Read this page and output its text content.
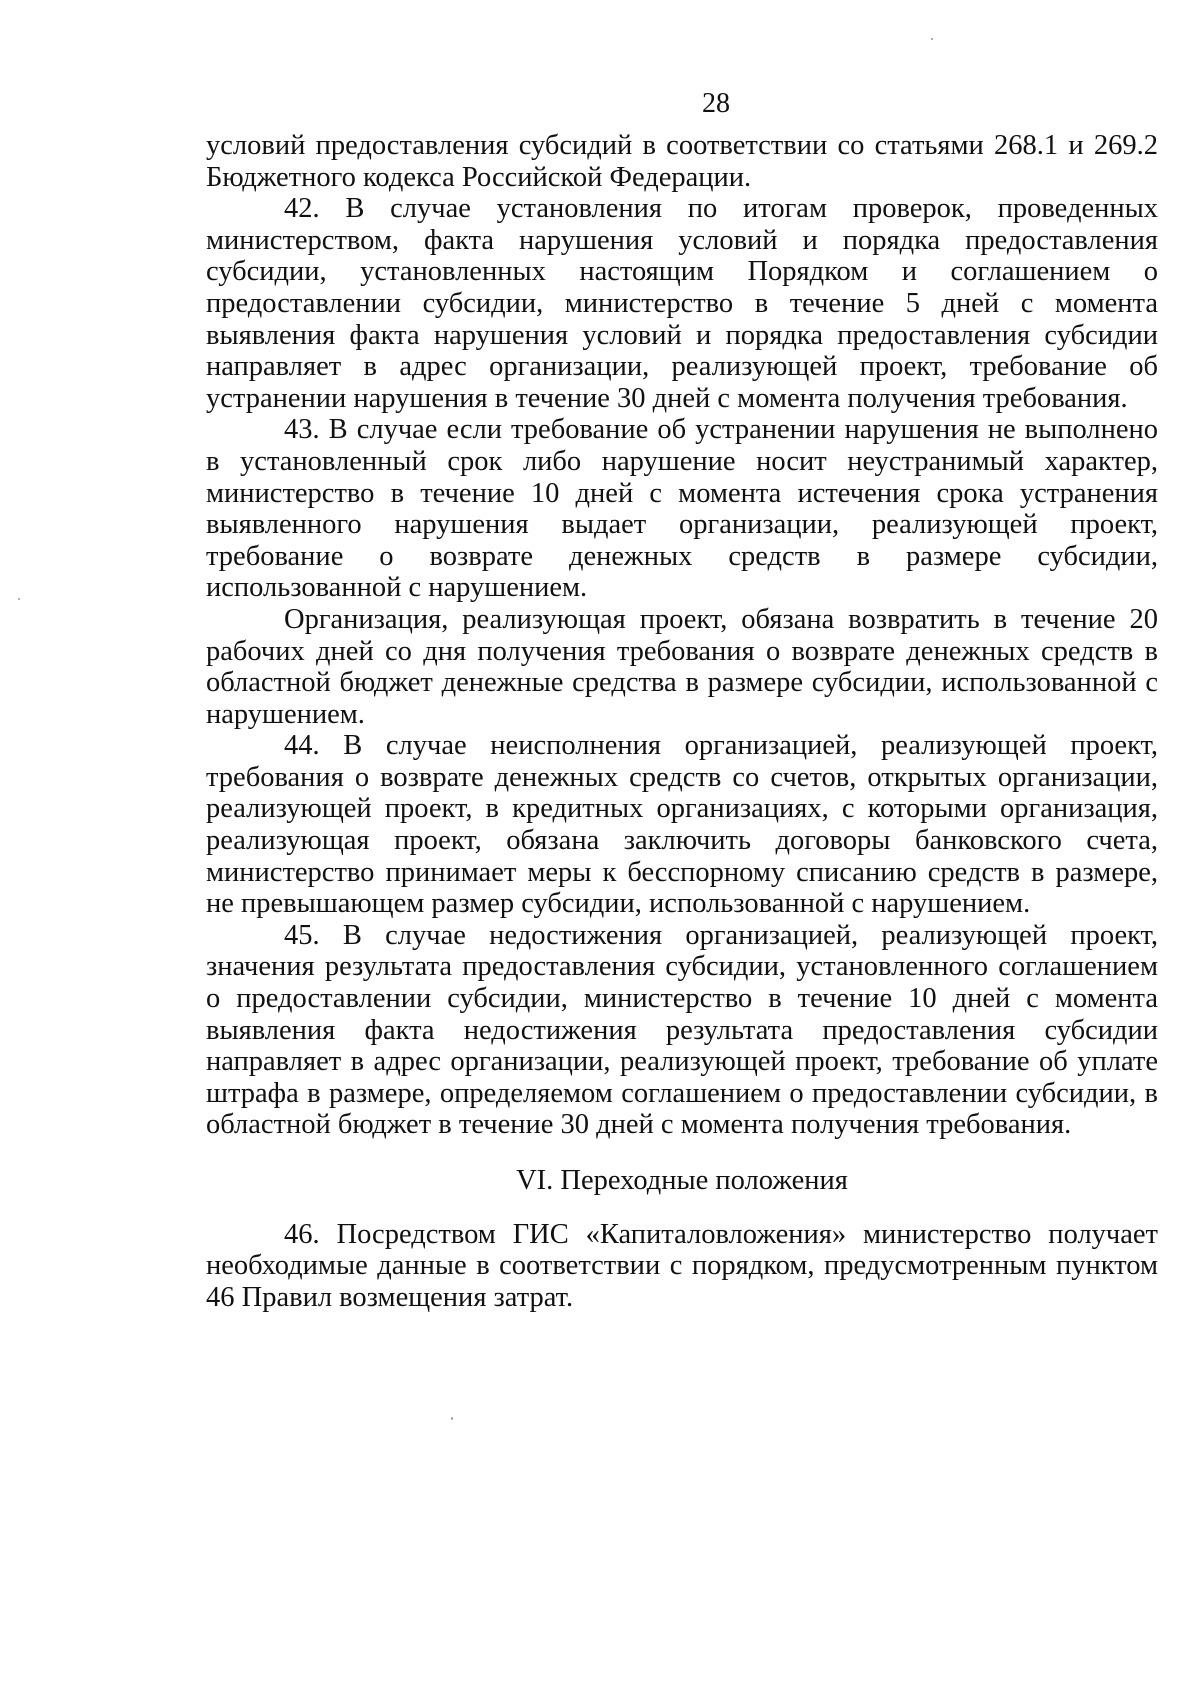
28

условий предоставления субсидий в соответствии со статьями 268.1 и 269.2 Бюджетного кодекса Российской Федерации.

42. В случае установления по итогам проверок, проведенных министерством, факта нарушения условий и порядка предоставления субсидии, установленных настоящим Порядком и соглашением о предоставлении субсидии, министерство в течение 5 дней с момента выявления факта нарушения условий и порядка предоставления субсидии направляет в адрес организации, реализующей проект, требование об устранении нарушения в течение 30 дней с момента получения требования.

43. В случае если требование об устранении нарушения не выполнено в установленный срок либо нарушение носит неустранимый характер, министерство в течение 10 дней с момента истечения срока устранения выявленного нарушения выдает организации, реализующей проект, требование о возврате денежных средств в размере субсидии, использованной с нарушением.

Организация, реализующая проект, обязана возвратить в течение 20 рабочих дней со дня получения требования о возврате денежных средств в областной бюджет денежные средства в размере субсидии, использованной с нарушением.

44. В случае неисполнения организацией, реализующей проект, требования о возврате денежных средств со счетов, открытых организации, реализующей проект, в кредитных организациях, с которыми организация, реализующая проект, обязана заключить договоры банковского счета, министерство принимает меры к бесспорному списанию средств в размере, не превышающем размер субсидии, использованной с нарушением.

45. В случае недостижения организацией, реализующей проект, значения результата предоставления субсидии, установленного соглашением о предоставлении субсидии, министерство в течение 10 дней с момента выявления факта недостижения результата предоставления субсидии направляет в адрес организации, реализующей проект, требование об уплате штрафа в размере, определяемом соглашением о предоставлении субсидии, в областной бюджет в течение 30 дней с момента получения требования.

VI. Переходные положения

46. Посредством ГИС «Капиталовложения» министерство получает необходимые данные в соответствии с порядком, предусмотренным пунктом 46 Правил возмещения затрат.
